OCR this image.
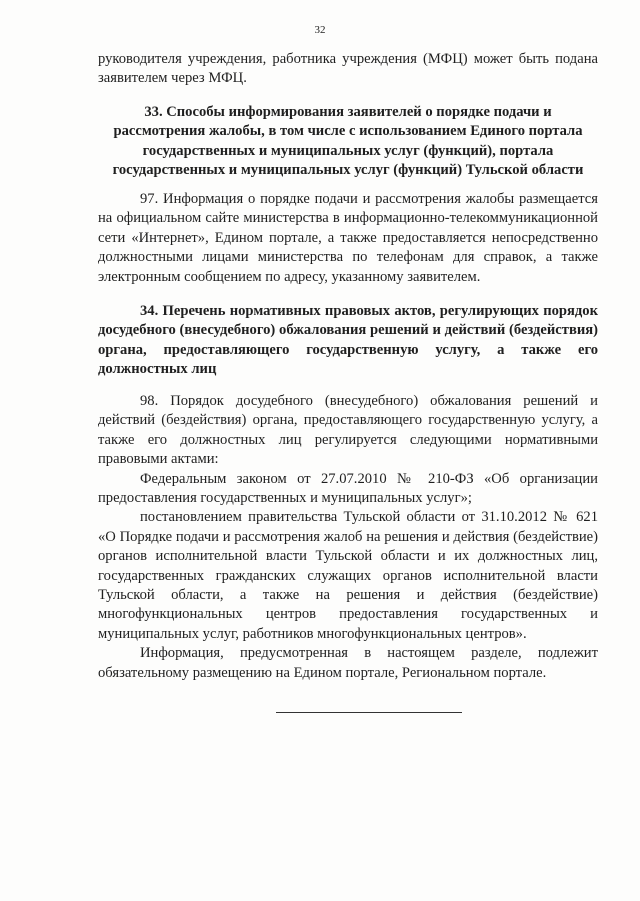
32

руководителя учреждения, работника учреждения (МФЦ) может быть подана заявителем через МФЦ.

33. Способы информирования заявителей о порядке подачи и рассмотрения жалобы, в том числе с использованием Единого портала государственных и муниципальных услуг (функций), портала государственных и муниципальных услуг (функций) Тульской области

97. Информация о порядке подачи и рассмотрения жалобы размещается на официальном сайте министерства в информационно-телекоммуникационной сети «Интернет», Едином портале, а также предоставляется непосредственно должностными лицами министерства по телефонам для справок, а также электронным сообщением по адресу, указанному заявителем.

34. Перечень нормативных правовых актов, регулирующих порядок досудебного (внесудебного) обжалования решений и действий (бездействия) органа, предоставляющего государственную услугу, а также его должностных лиц

98. Порядок досудебного (внесудебного) обжалования решений и действий (бездействия) органа, предоставляющего государственную услугу, а также его должностных лиц регулируется следующими нормативными правовыми актами:

Федеральным законом от 27.07.2010 № 210-ФЗ «Об организации предоставления государственных и муниципальных услуг»;

постановлением правительства Тульской области от 31.10.2012 № 621 «О Порядке подачи и рассмотрения жалоб на решения и действия (бездействие) органов исполнительной власти Тульской области и их должностных лиц, государственных гражданских служащих органов исполнительной власти Тульской области, а также на решения и действия (бездействие) многофункциональных центров предоставления государственных и муниципальных услуг, работников многофункциональных центров».

Информация, предусмотренная в настоящем разделе, подлежит обязательному размещению на Едином портале, Региональном портале.
